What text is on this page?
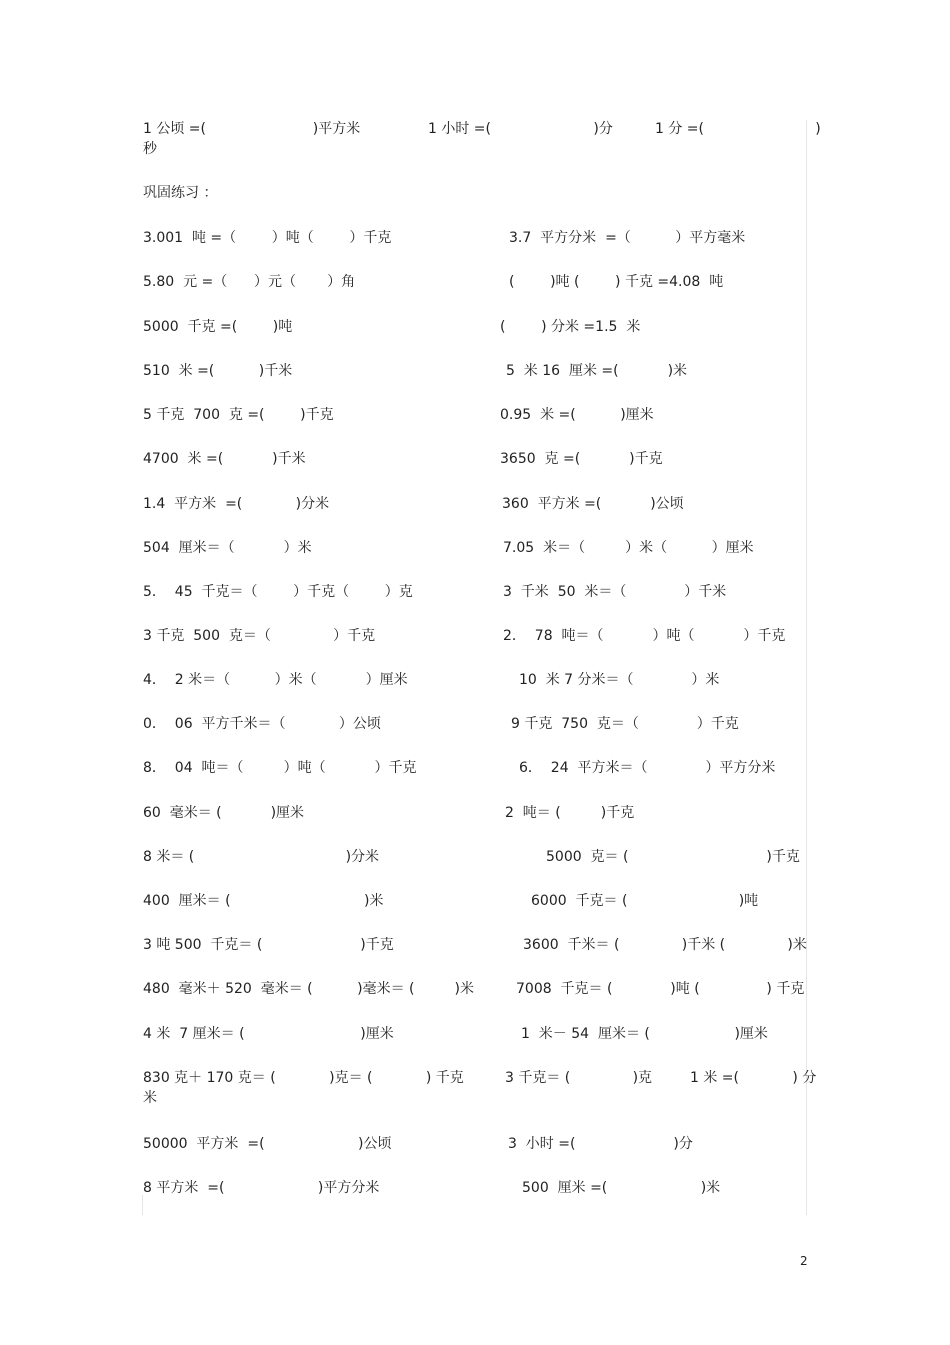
1 公顷 =(                        )平方米	1 小时 =(                       )分	1 分 =(                         )
秒
巩固练习 ：
3.001  吨 =（        ）吨（        ）千克	3.7  平方分米  =（          ）平方毫米
5.80  元 =（      ）元（       ）角	(        )吨 (        ) 千克 =4.08  吨
5000  千克 =(        )吨	(        ) 分米 =1.5  米
510  米 =(          )千米	5  米 16  厘米 =(           )米
5 千克  700  克 =(        )千克	0.95  米 =(          )厘米
4700  米 =(           )千米	3650  克 =(           )千克
1.4  平方米  =(            )分米	360  平方米 =(           )公顷
504  厘米＝（           ）米	7.05  米＝（         ）米（          ）厘米
5．  45  千克＝（        ）千克（        ）克	3  千米  50  米＝（             ）千米
3 千克  500  克＝（              ）千克	2．  78  吨＝（           ）吨（           ）千克
4．  2 米＝（          ）米（           ）厘米	10  米 7 分米＝（             ）米
0．  06  平方千米＝（            ）公顷	9 千克  750  克＝（             ）千克
8．  04  吨＝（         ）吨（           ）千克	6．  24  平方米＝（             ）平方分米
60  毫米＝ (           )厘米	2  吨＝ (         )千克
8 米＝ (                                  )分米	5000  克＝ (                               )千克
400  厘米＝ (                              )米	6000  千克＝ (                         )吨
3 吨 500  千克＝ (                      )千克	3600  千米＝ (              )千米 (              )米
480  毫米＋ 520  毫米＝ (          )毫米＝ (         )米	7008  千克＝ (             )吨 (               ) 千克
4 米  7 厘米＝ (                          )厘米	1  米－ 54  厘米＝ (                   )厘米
830 克＋ 170 克＝ (            )克＝ (            ) 千克	3 千克＝ (              )克	1 米 =(            ) 分
米
50000  平方米  =(                     )公顷	3  小时 =(                      )分
8 平方米  =(                     )平方分米	500  厘米 =(                     )米
2
